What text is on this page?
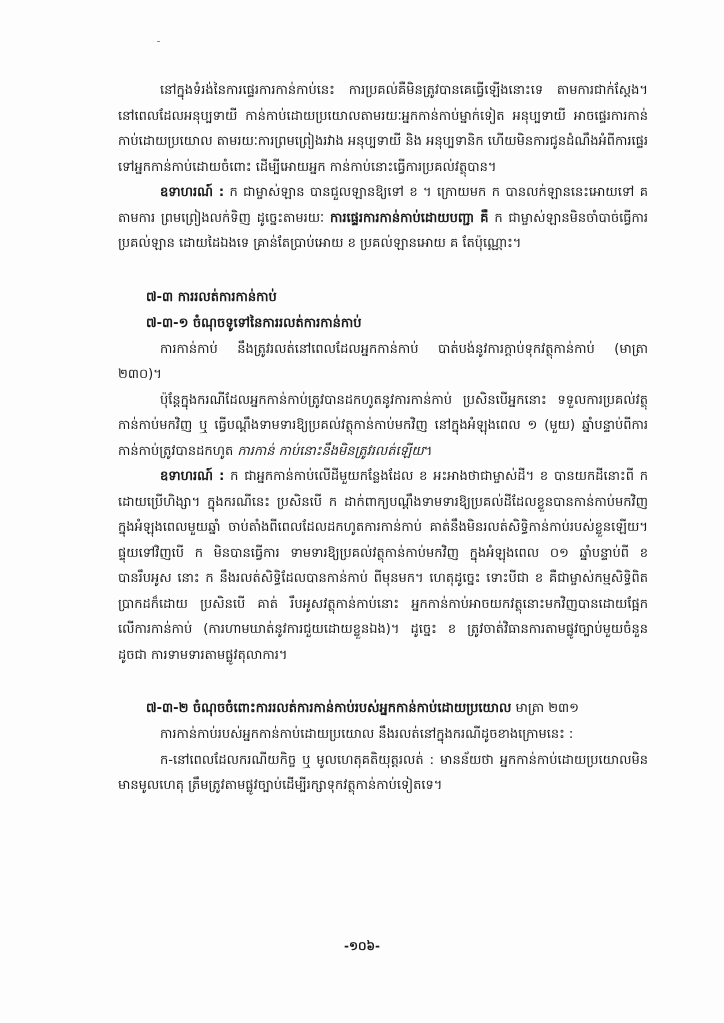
នៅក្នុងទំរង់នៃការផ្ទេរការកាន់កាប់នេះ ការប្រគល់គឺមិនត្រូវបានគេធ្វើឡើងនោះទេ តាមការជាក់ស្តែង។ នៅពេលដែលអនុប្បទាយី កាន់កាប់ដោយប្រយោលតាមរយៈអ្នកកាន់កាប់ម្នាក់ទៀត អនុប្បទាយី អាចផ្ទេរការកាន់កាប់ដោយប្រយោល តាមរយៈការព្រមព្រៀងរវាង អនុប្បទាយី និង អនុប្បទានិក ហើយមិនការជូនដំណឹងអំពីការផ្ទេរទៅអ្នកកាន់កាប់ដោយចំពោះ ដើម្បីអោយអ្នក កាន់កាប់នោះធ្វើការប្រគល់វត្ថុបាន។

ឧទាហរណ៍ : ក ជាម្ចាស់ឡាន បានជួលឡានឱ្យទៅ ខ ។ ក្រោយមក ក បានលក់ឡាននេះអោយទៅ គ តាមការ ព្រមព្រៀងលក់ទិញ ដូច្នេះតាមរយៈ ការផ្ទេរការកាន់កាប់ដោយបញ្ជា គឺ ក ជាម្ចាស់ឡានមិនចាំបាច់ធ្វើការប្រគល់ឡាន ដោយដៃឯងទេ គ្រាន់តែប្រាប់អោយ ខ ប្រគល់ឡានអោយ គ តែប៉ុណ្ណោះ។

៧-៣ ការរលត់ការកាន់កាប់
៧-៣-១ ចំណុចទូទៅនៃការរលត់ការកាន់កាប់

ការកាន់កាប់ នឹងត្រូវរលត់នៅពេលដែលអ្នកកាន់កាប់ បាត់បង់នូវការក្តាប់ទុកវត្ថុកាន់កាប់ (មាត្រា ២៣០)។

ប៉ុន្តែក្នុងករណីដែលអ្នកកាន់កាប់ត្រូវបានដកហូតនូវការកាន់កាប់ ប្រសិនបើអ្នកនោះ ទទួលការប្រគល់វត្ថុកាន់កាប់មកវិញ ឬ ធ្វើបណ្តឹងទាមទារឱ្យប្រគល់វត្ថុកាន់កាប់មកវិញ នៅក្នុងអំឡុងពេល ១ (មួយ) ឆ្នាំបន្ទាប់ពីការកាន់កាប់ត្រូវបានដកហូត ការកាន់ កាប់នោះនឹងមិនត្រូវរលត់ឡើយ។

ឧទាហរណ៍ : ក ជាអ្នកកាន់កាប់លើដីមួយកន្លែងដែល ខ អះអាងថាជាម្ចាស់ដី។ ខ បានយកដីនោះពី ក ដោយប្រើហិង្សា។ ក្នុងករណីនេះ ប្រសិនបើ ក ដាក់ពាក្យបណ្តឹងទាមទារឱ្យប្រគល់ដីដែលខ្លួនបានកាន់កាប់មកវិញក្នុងអំឡុងពេលមួយឆ្នាំ ចាប់តាំងពីពេលដែលដកហូតការកាន់កាប់ គាត់នឹងមិនរលត់សិទ្ធិកាន់កាប់របស់ខ្លួនឡើយ។ ផ្ទុយទៅវិញបើ ក មិនបានធ្វើការ ទាមទារឱ្យប្រគល់វត្ថុកាន់កាប់មកវិញ ក្នុងអំឡុងពេល ០១ ឆ្នាំបន្ទាប់ពី ខ បានរឹបអូស នោះ ក នឹងរលត់សិទ្ធិដែលបានកាន់កាប់ ពីមុនមក។ ហេតុដូច្នេះ ទោះបីជា ខ គឺជាម្ចាស់កម្មសិទ្ធិពិតប្រាកដក៏ដោយ ប្រសិនបើ គាត់ រឹបអូសវត្ថុកាន់កាប់នោះ អ្នកកាន់កាប់អាចយកវត្ថុនោះមកវិញបានដោយផ្អែកលើការកាន់កាប់ (ការហាមឃាត់នូវការជួយដោយខ្លួនឯង)។ ដូច្នេះ ខ ត្រូវចាត់វិធានការតាមផ្លូវច្បាប់មួយចំនួន ដូចជា ការទាមទារតាមផ្លូវតុលាការ។

៧-៣-២ ចំណុចចំពោះការរលត់ការកាន់កាប់របស់អ្នកកាន់កាប់ដោយប្រយោល មាត្រា ២៣១

ការកាន់កាប់របស់អ្នកកាន់កាប់ដោយប្រយោល នឹងរលត់នៅក្នុងករណីដូចខាងក្រោមនេះ :

ក-នៅពេលដែលករណីយកិច្ច ឬ មូលហេតុគតិយុត្តរលត់ : មានន័យថា អ្នកកាន់កាប់ដោយប្រយោលមិនមានមូលហេតុ ត្រឹមត្រូវតាមផ្លូវច្បាប់ដើម្បីរក្សាទុកវត្ថុកាន់កាប់ទៀតទេ។

-១០៦-
